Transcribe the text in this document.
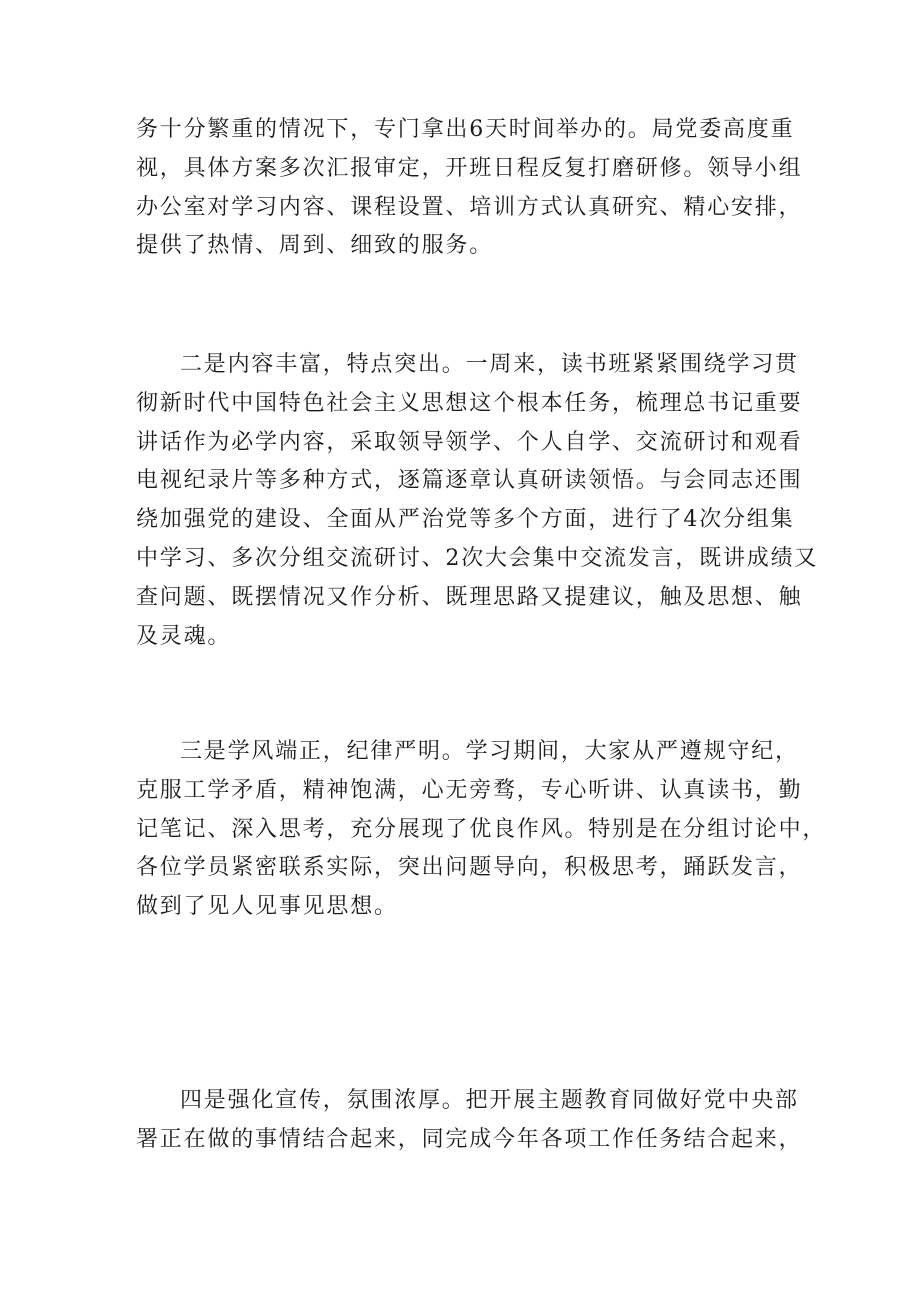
务十分繁重的情况下，专门拿出6天时间举办的。局党委高度重
视，具体方案多次汇报审定，开班日程反复打磨研修。领导小组
办公室对学习内容、课程设置、培训方式认真研究、精心安排，
提供了热情、周到、细致的服务。
二是内容丰富，特点突出。一周来，读书班紧紧围绕学习贯
彻新时代中国特色社会主义思想这个根本任务，梳理总书记重要
讲话作为必学内容，采取领导领学、个人自学、交流研讨和观看
电视纪录片等多种方式，逐篇逐章认真研读领悟。与会同志还围
绕加强党的建设、全面从严治党等多个方面，进行了4次分组集
中学习、多次分组交流研讨、2次大会集中交流发言，既讲成绩又
查问题、既摆情况又作分析、既理思路又提建议，触及思想、触
及灵魂。
三是学风端正，纪律严明。学习期间，大家从严遵规守纪，
克服工学矛盾，精神饱满，心无旁骛，专心听讲、认真读书，勤
记笔记、深入思考，充分展现了优良作风。特别是在分组讨论中，
各位学员紧密联系实际，突出问题导向，积极思考，踊跃发言，
做到了见人见事见思想。
四是强化宣传，氛围浓厚。把开展主题教育同做好党中央部
署正在做的事情结合起来，同完成今年各项工作任务结合起来，
